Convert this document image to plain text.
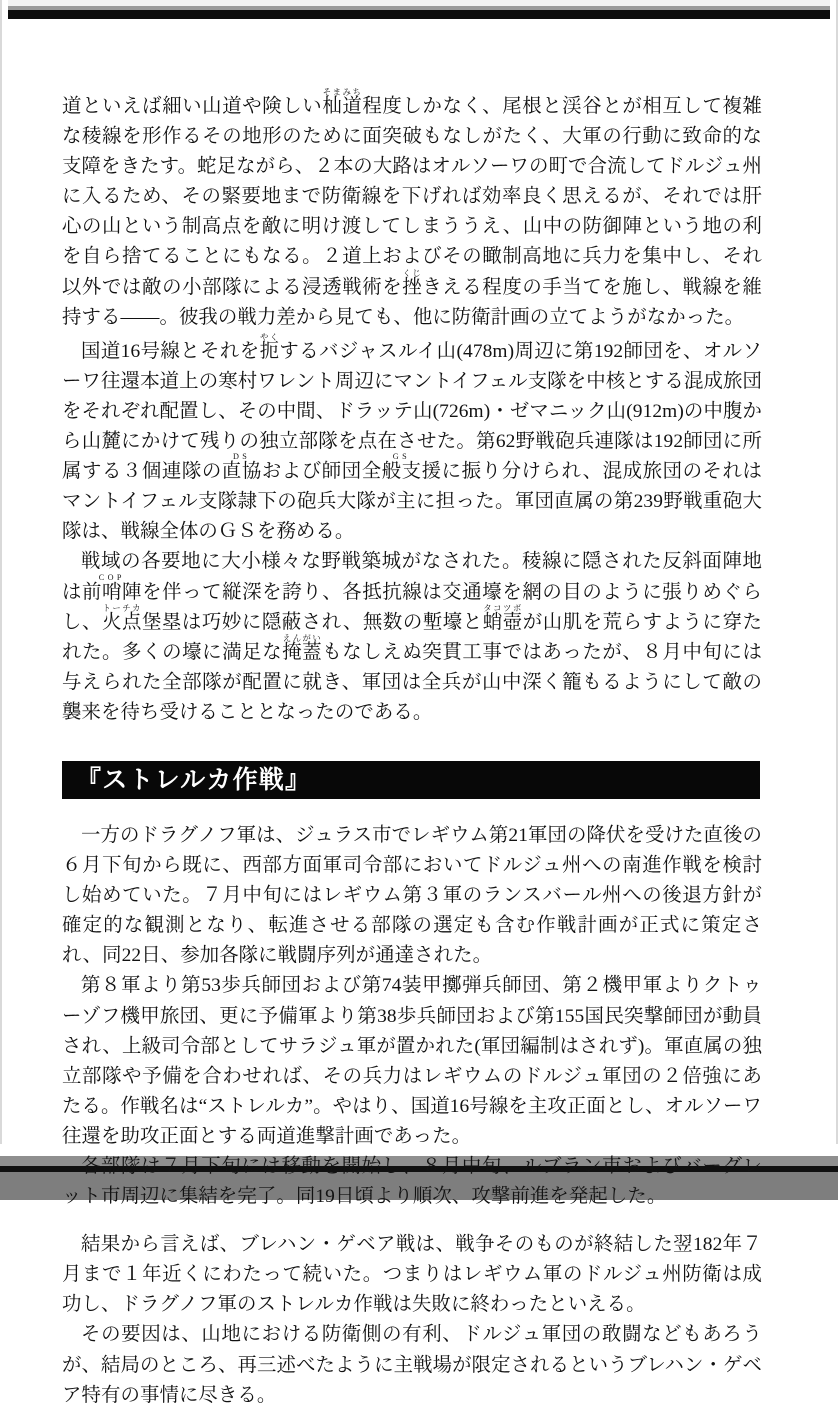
道といえば細い山道や険しい杣道そまみち程度しかなく、尾根と渓谷とが相互して複雑な稜線を形作るその地形のために面突破もなしがたく、大軍の行動に致命的な支障をきたす。蛇足ながら、２本の大路はオルソーワの町で合流してドルジュ州に入るため、その緊要地まで防衛線を下げれば効率良く思えるが、それでは肝心の山という制高点を敵に明け渡してしまううえ、山中の防御陣という地の利を自ら捨てることにもなる。２道上およびその瞰制高地に兵力を集中し、それ以外では敵の小部隊による浸透戦術を挫くじきえる程度の手当てを施し、戦線を維持する――。彼我の戦力差から見ても、他に防衛計画の立てようがなかった。

国道16号線とそれを扼やくするバジャスルイ山(478m)周辺に第192師団を、オルソーワ往還本道上の寒村ワレント周辺にマントイフェル支隊を中核とする混成旅団をそれぞれ配置し、その中間、ドラッテ山(726m)・ゼマニック山(912m)の中腹から山麓にかけて残りの独立部隊を点在させた。第62野戦砲兵連隊は192師団に所属する３個連隊の直協DSおよび師団全般支援GSに振り分けられ、混成旅団のそれはマントイフェル支隊隷下の砲兵大隊が主に担った。軍団直属の第239野戦重砲大隊は、戦線全体のＧＳを務める。

戦域の各要地に大小様々な野戦築城がなされた。稜線に隠された反斜面陣地は前哨陣COPを伴って縦深を誇り、各抵抗線は交通壕を網の目のように張りめぐらし、火点トーチカ堡塁は巧妙に隠蔽され、無数の塹壕と蛸壺タコツボが山肌を荒らすように穿たれた。多くの壕に満足な掩蓋えんがいもなしえぬ突貫工事ではあったが、８月中旬には与えられた全部隊が配置に就き、軍団は全兵が山中深く籠もるようにして敵の襲来を待ち受けることとなったのである。

『ストレルカ作戦』

一方のドラグノフ軍は、ジュラス市でレギウム第21軍団の降伏を受けた直後の６月下旬から既に、西部方面軍司令部においてドルジュ州への南進作戦を検討し始めていた。７月中旬にはレギウム第３軍のランスバール州への後退方針が確定的な観測となり、転進させる部隊の選定も含む作戦計画が正式に策定され、同22日、参加各隊に戦闘序列が通達された。

第８軍より第53歩兵師団および第74装甲擲弾兵師団、第２機甲軍よりクトゥーゾフ機甲旅団、更に予備軍より第38歩兵師団および第155国民突撃師団が動員され、上級司令部としてサラジュ軍が置かれた(軍団編制はされず)。軍直属の独立部隊や予備を合わせれば、その兵力はレギウムのドルジュ軍団の２倍強にあたる。作戦名は“ストレルカ”。やはり、国道16号線を主攻正面とし、オルソーワ往還を助攻正面とする両道進撃計画であった。

各部隊は７月下旬には移動を開始し、８月中旬、ルブラン市およびバーグレット市周辺に集結を完了。同19日頃より順次、攻撃前進を発起した。

結果から言えば、ブレハン・ゲベア戦は、戦争そのものが終結した翌182年７月まで１年近くにわたって続いた。つまりはレギウム軍のドルジュ州防衛は成功し、ドラグノフ軍のストレルカ作戦は失敗に終わったといえる。

その要因は、山地における防衛側の有利、ドルジュ軍団の敢闘などもあろうが、結局のところ、再三述べたように主戦場が限定されるというブレハン・ゲベア特有の事情に尽きる。
